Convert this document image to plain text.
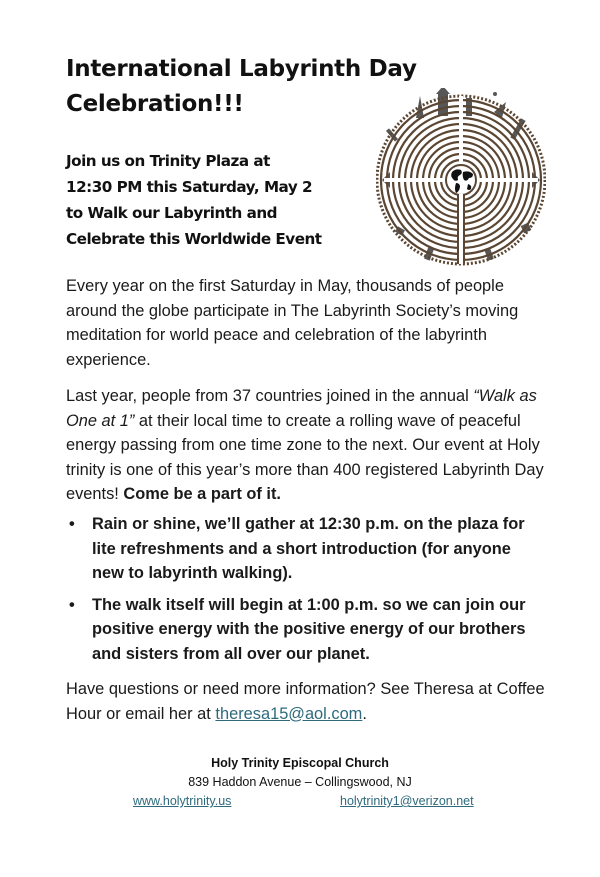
International Labyrinth Day
Celebration!!!
Join us on Trinity Plaza at
12:30 PM this Saturday, May 2
to Walk our Labyrinth and
Celebrate this Worldwide Event
Every year on the first Saturday in May, thousands of people around the globe participate in The Labyrinth Society’s moving meditation for world peace and celebration of the labyrinth experience.
Last year, people from 37 countries joined in the annual “Walk as One at 1” at their local time to create a rolling wave of peaceful energy passing from one time zone to the next. Our event at Holy trinity is one of this year’s more than 400 registered Labyrinth Day events! Come be a part of it.
• Rain or shine, we’ll gather at 12:30 p.m. on the plaza for lite refreshments and a short introduction (for anyone new to labyrinth walking).
• The walk itself will begin at 1:00 p.m. so we can join our positive energy with the positive energy of our brothers and sisters from all over our planet.
Have questions or need more information? See Theresa at Coffee Hour or email her at theresa15@aol.com.
Holy Trinity Episcopal Church
839 Haddon Avenue – Collingswood, NJ
www.holytrinity.us	holytrinity1@verizon.net
